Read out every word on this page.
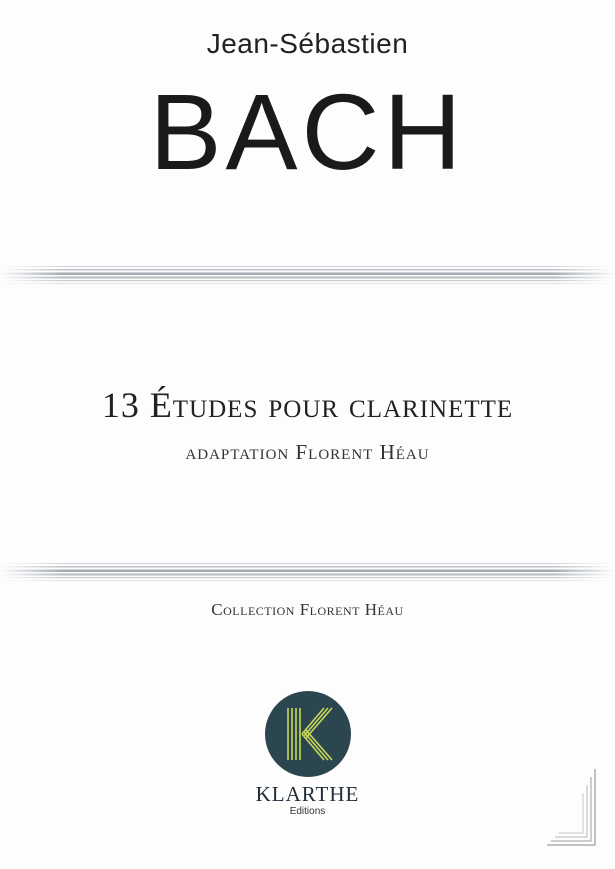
Jean-Sébastien
BACH
13 Études pour clarinette
adaptation Florent Héau
Collection Florent Héau
KLARTHE
Editions
